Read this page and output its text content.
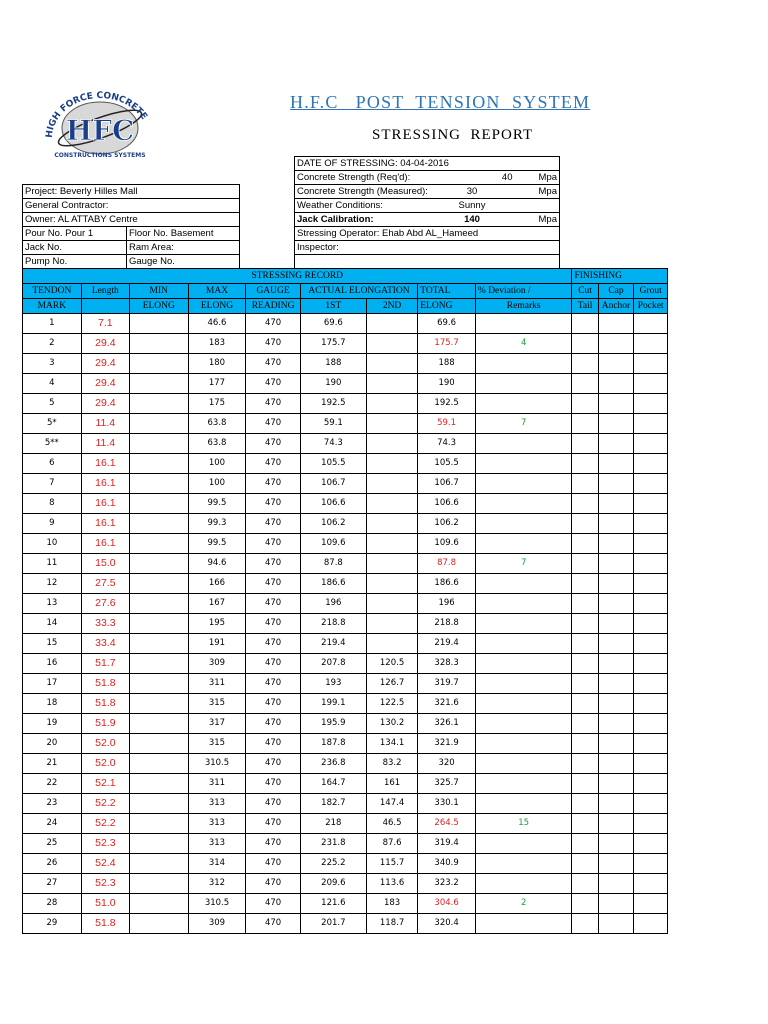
HIGH FORCE CONCRETE
HFC
CONSTRUCTIONS SYSTEMS
H.F.C   POST  TENSION  SYSTEM
STRESSING  REPORT
DATE OF STRESSING: 04-04-2016
Concrete Strength (Req'd):	40	Mpa
Project: Beverly Hilles Mall	
General Contractor:	
Owner: AL ATTABY Centre	
Pour No. Pour 1	Floor No. Basement
Jack No.	Ram Area:
Pump No.	Gauge No.
Concrete Strength (Measured):	30	Mpa
Weather Conditions:	Sunny	
Jack Calibration:	140	Mpa
Stressing Operator: Ehab Abd AL_Hameed		
Inspector:		

STRESSING RECORD									FINISHING		
TENDON	Length	MIN	MAX	GAUGE	ACTUAL ELONGATION		TOTAL	% Deviation /	Cut	Cap	Grout
MARK		ELONG	ELONG	READING	1ST	2ND	ELONG	Remarks	Tail	Anchor	Pocket
1	7.1		46.6	470	69.6		69.6				
2	29.4		183	470	175.7		175.7	4			
3	29.4		180	470	188		188				
4	29.4		177	470	190		190				
5	29.4		175	470	192.5		192.5				
5*	11.4		63.8	470	59.1		59.1	7			
5**	11.4		63.8	470	74.3		74.3				
6	16.1		100	470	105.5		105.5				
7	16.1		100	470	106.7		106.7				
8	16.1		99.5	470	106.6		106.6				
9	16.1		99.3	470	106.2		106.2				
10	16.1		99.5	470	109.6		109.6				
11	15.0		94.6	470	87.8		87.8	7			
12	27.5		166	470	186.6		186.6				
13	27.6		167	470	196		196				
14	33.3		195	470	218.8		218.8				
15	33.4		191	470	219.4		219.4				
16	51.7		309	470	207.8	120.5	328.3				
17	51.8		311	470	193	126.7	319.7				
18	51.8		315	470	199.1	122.5	321.6				
19	51.9		317	470	195.9	130.2	326.1				
20	52.0		315	470	187.8	134.1	321.9				
21	52.0		310.5	470	236.8	83.2	320				
22	52.1		311	470	164.7	161	325.7				
23	52.2		313	470	182.7	147.4	330.1				
24	52.2		313	470	218	46.5	264.5	15			
25	52.3		313	470	231.8	87.6	319.4				
26	52.4		314	470	225.2	115.7	340.9				
27	52.3		312	470	209.6	113.6	323.2				
28	51.0		310.5	470	121.6	183	304.6	2			
29	51.8		309	470	201.7	118.7	320.4				
